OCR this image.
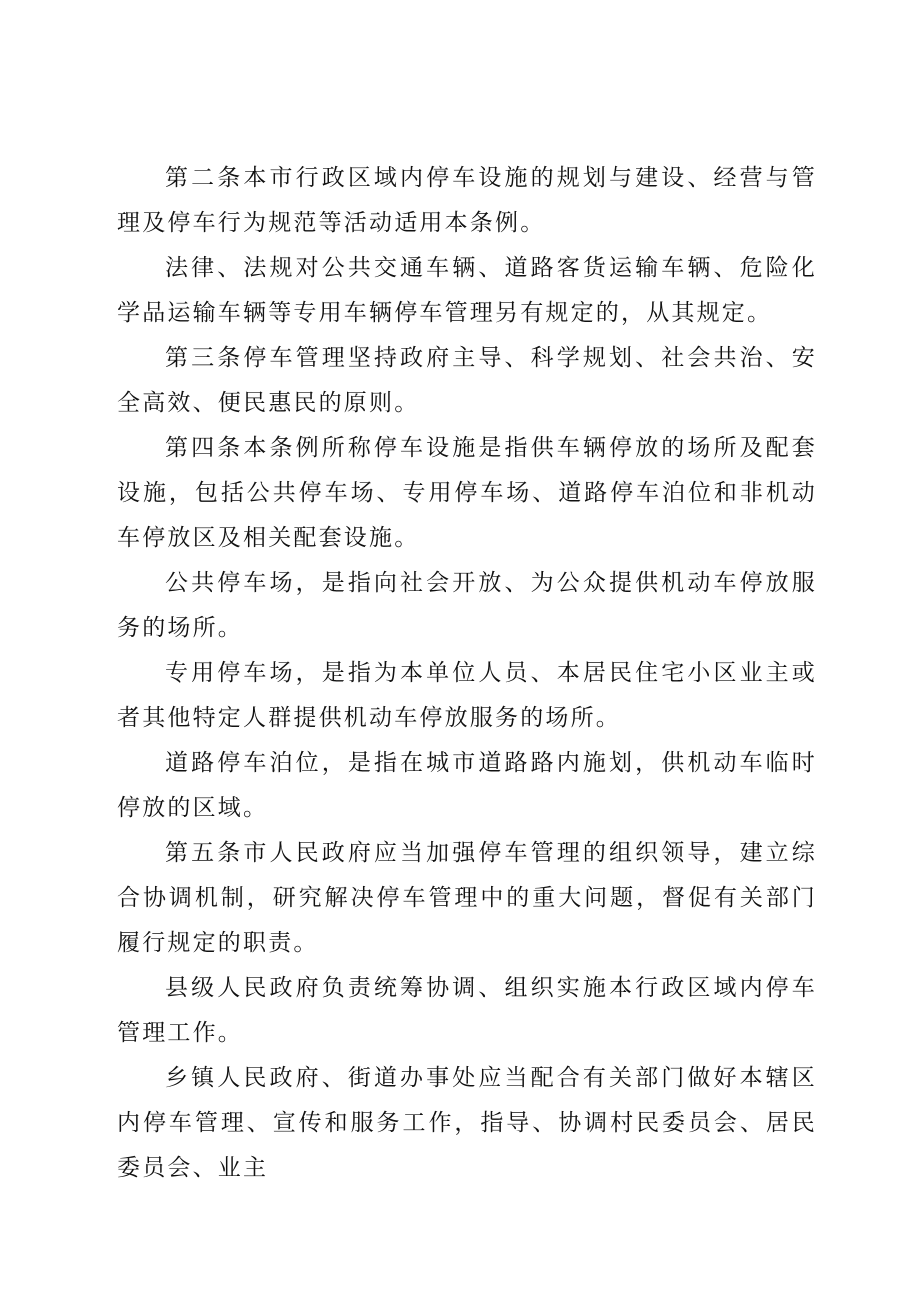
第二条本市行政区域内停车设施的规划与建设、经营与管理及停车行为规范等活动适用本条例。

法律、法规对公共交通车辆、道路客货运输车辆、危险化学品运输车辆等专用车辆停车管理另有规定的，从其规定。

第三条停车管理坚持政府主导、科学规划、社会共治、安全高效、便民惠民的原则。

第四条本条例所称停车设施是指供车辆停放的场所及配套设施，包括公共停车场、专用停车场、道路停车泊位和非机动车停放区及相关配套设施。

公共停车场，是指向社会开放、为公众提供机动车停放服务的场所。

专用停车场，是指为本单位人员、本居民住宅小区业主或者其他特定人群提供机动车停放服务的场所。

道路停车泊位，是指在城市道路路内施划，供机动车临时停放的区域。

第五条市人民政府应当加强停车管理的组织领导，建立综合协调机制，研究解决停车管理中的重大问题，督促有关部门履行规定的职责。

县级人民政府负责统筹协调、组织实施本行政区域内停车管理工作。

乡镇人民政府、街道办事处应当配合有关部门做好本辖区内停车管理、宣传和服务工作，指导、协调村民委员会、居民委员会、业主
